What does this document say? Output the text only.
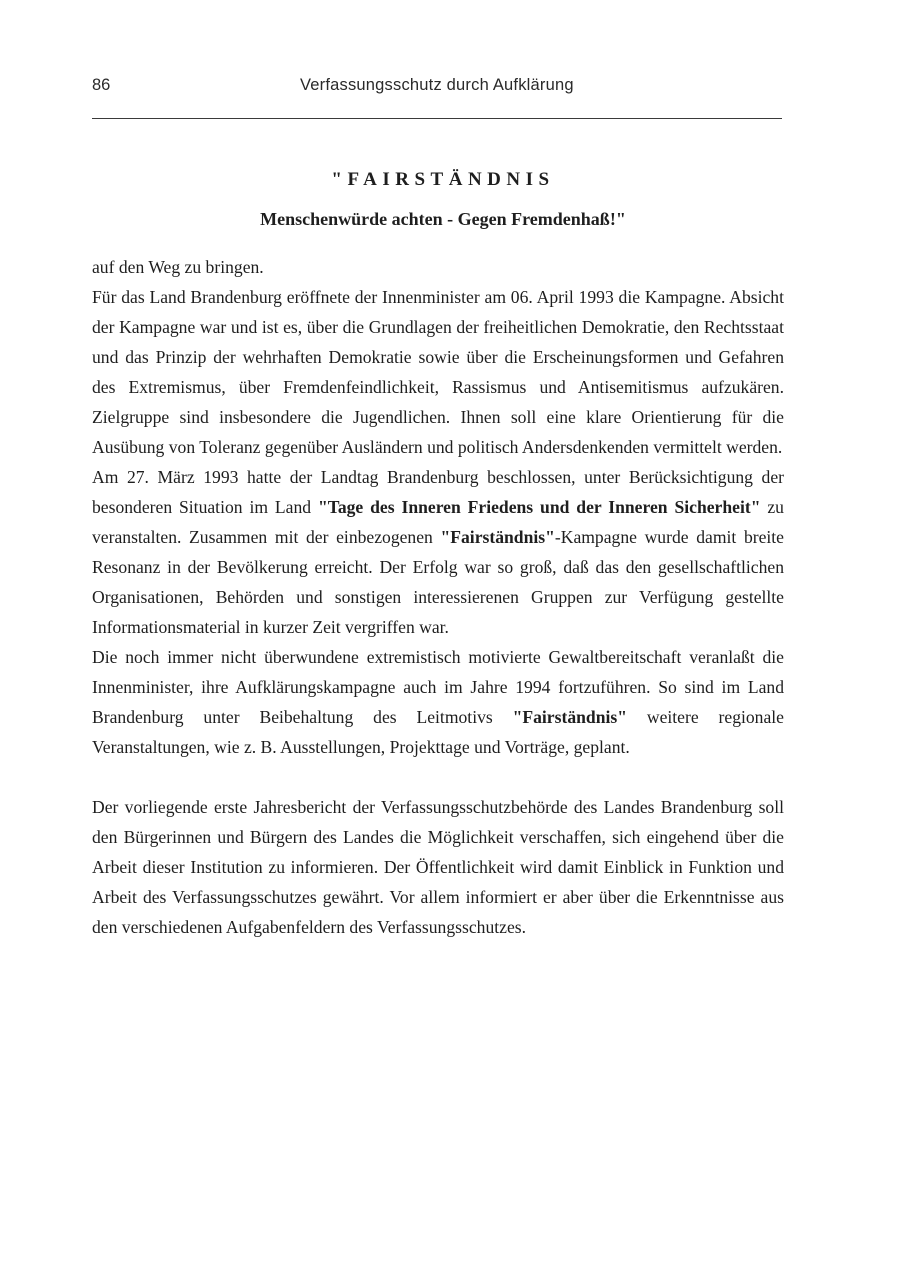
86	Verfassungsschutz durch Aufklärung
"FAIRSTÄNDNIS
Menschenwürde achten - Gegen Fremdenhaß!"

auf den Weg zu bringen.

Für das Land Brandenburg eröffnete der Innenminister am 06. April 1993 die Kampagne. Absicht der Kampagne war und ist es, über die Grundlagen der freiheitlichen Demokratie, den Rechtsstaat und das Prinzip der wehrhaften Demokratie sowie über die Erscheinungsformen und Gefahren des Extremismus, über Fremdenfeindlichkeit, Rassismus und Antisemitismus aufzukären. Zielgruppe sind insbesondere die Jugendlichen. Ihnen soll eine klare Orientierung für die Ausübung von Toleranz gegenüber Ausländern und politisch Andersdenkenden vermittelt werden.

Am 27. März 1993 hatte der Landtag Brandenburg beschlossen, unter Berücksichtigung der besonderen Situation im Land "Tage des Inneren Friedens und der Inneren Sicherheit" zu veranstalten. Zusammen mit der einbezogenen "Fairständnis"-Kampagne wurde damit breite Resonanz in der Bevölkerung erreicht. Der Erfolg war so groß, daß das den gesellschaftlichen Organisationen, Behörden und sonstigen interessierenen Gruppen zur Verfügung gestellte Informationsmaterial in kurzer Zeit vergriffen war.

Die noch immer nicht überwundene extremistisch motivierte Gewaltbereitschaft veranlaßt die Innenminister, ihre Aufklärungskampagne auch im Jahre 1994 fortzuführen. So sind im Land Brandenburg unter Beibehaltung des Leitmotivs "Fairständnis" weitere regionale Veranstaltungen, wie z. B. Ausstellungen, Projekttage und Vorträge, geplant.

Der vorliegende erste Jahresbericht der Verfassungsschutzbehörde des Landes Brandenburg soll den Bürgerinnen und Bürgern des Landes die Möglichkeit verschaffen, sich eingehend über die Arbeit dieser Institution zu informieren. Der Öffentlichkeit wird damit Einblick in Funktion und Arbeit des Verfassungsschutzes gewährt. Vor allem informiert er aber über die Erkenntnisse aus den verschiedenen Aufgabenfeldern des Verfassungsschutzes.
